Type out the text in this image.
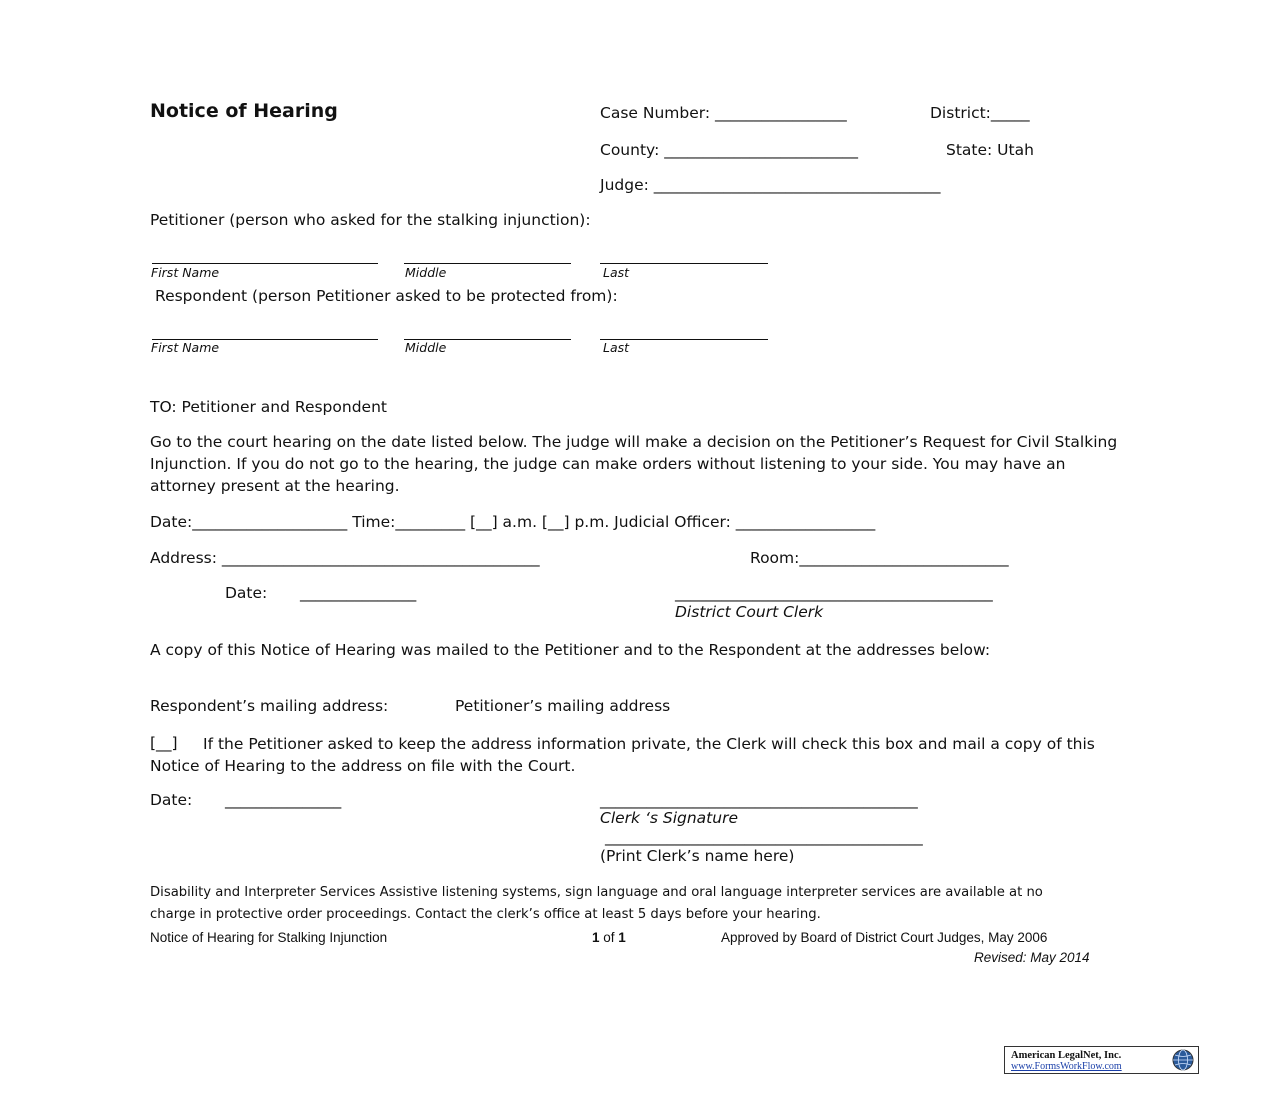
Notice of Hearing	Case Number: _________________	District:_____
County: _________________________	State: Utah
Judge: _____________________________________
Petitioner (person who asked for the stalking injunction):
First Name	Middle	Last
Respondent (person Petitioner asked to be protected from):
First Name	Middle	Last
TO: Petitioner and Respondent
Go to the court hearing on the date listed below. The judge will make a decision on the Petitioner’s Request for Civil Stalking Injunction. If you do not go to the hearing, the judge can make orders without listening to your side. You may have an attorney present at the hearing.
Date:____________________ Time:_________ [__] a.m. [__] p.m. Judicial Officer: __________________
Address: _________________________________________	Room:___________________________
Date: _______________	_________________________________________
District Court Clerk
A copy of this Notice of Hearing was mailed to the Petitioner and to the Respondent at the addresses below:
Respondent’s mailing address:	Petitioner’s mailing address
[__]	If the Petitioner asked to keep the address information private, the Clerk will check this box and mail a copy of this Notice of Hearing to the address on file with the Court.
Date: _______________	_________________________________________
Clerk ‘s Signature
_________________________________________
(Print Clerk’s name here)
Disability and Interpreter Services Assistive listening systems, sign language and oral language interpreter services are available at no charge in protective order proceedings. Contact the clerk’s office at least 5 days before your hearing.
Notice of Hearing for Stalking Injunction	1 of 1	Approved by Board of District Court Judges, May 2006
Revised: May 2014
American LegalNet, Inc.
www.FormsWorkFlow.com
